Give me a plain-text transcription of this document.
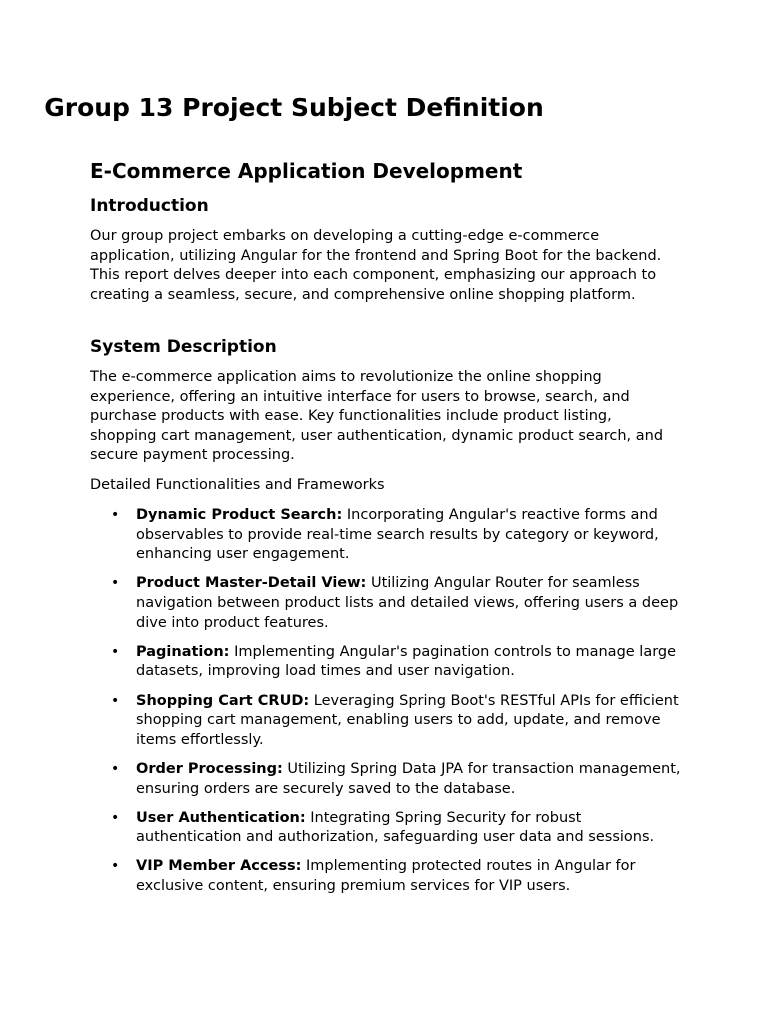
Group 13 Project Subject Definition
E-Commerce Application Development
Introduction

Our group project embarks on developing a cutting-edge e-commerce application, utilizing Angular for the frontend and Spring Boot for the backend. This report delves deeper into each component, emphasizing our approach to creating a seamless, secure, and comprehensive online shopping platform.

System Description

The e-commerce application aims to revolutionize the online shopping experience, offering an intuitive interface for users to browse, search, and purchase products with ease. Key functionalities include product listing, shopping cart management, user authentication, dynamic product search, and secure payment processing.

Detailed Functionalities and Frameworks

• Dynamic Product Search: Incorporating Angular's reactive forms and observables to provide real-time search results by category or keyword, enhancing user engagement.
• Product Master-Detail View: Utilizing Angular Router for seamless navigation between product lists and detailed views, offering users a deep dive into product features.
• Pagination: Implementing Angular's pagination controls to manage large datasets, improving load times and user navigation.
• Shopping Cart CRUD: Leveraging Spring Boot's RESTful APIs for efficient shopping cart management, enabling users to add, update, and remove items effortlessly.
• Order Processing: Utilizing Spring Data JPA for transaction management, ensuring orders are securely saved to the database.
• User Authentication: Integrating Spring Security for robust authentication and authorization, safeguarding user data and sessions.
• VIP Member Access: Implementing protected routes in Angular for exclusive content, ensuring premium services for VIP users.
